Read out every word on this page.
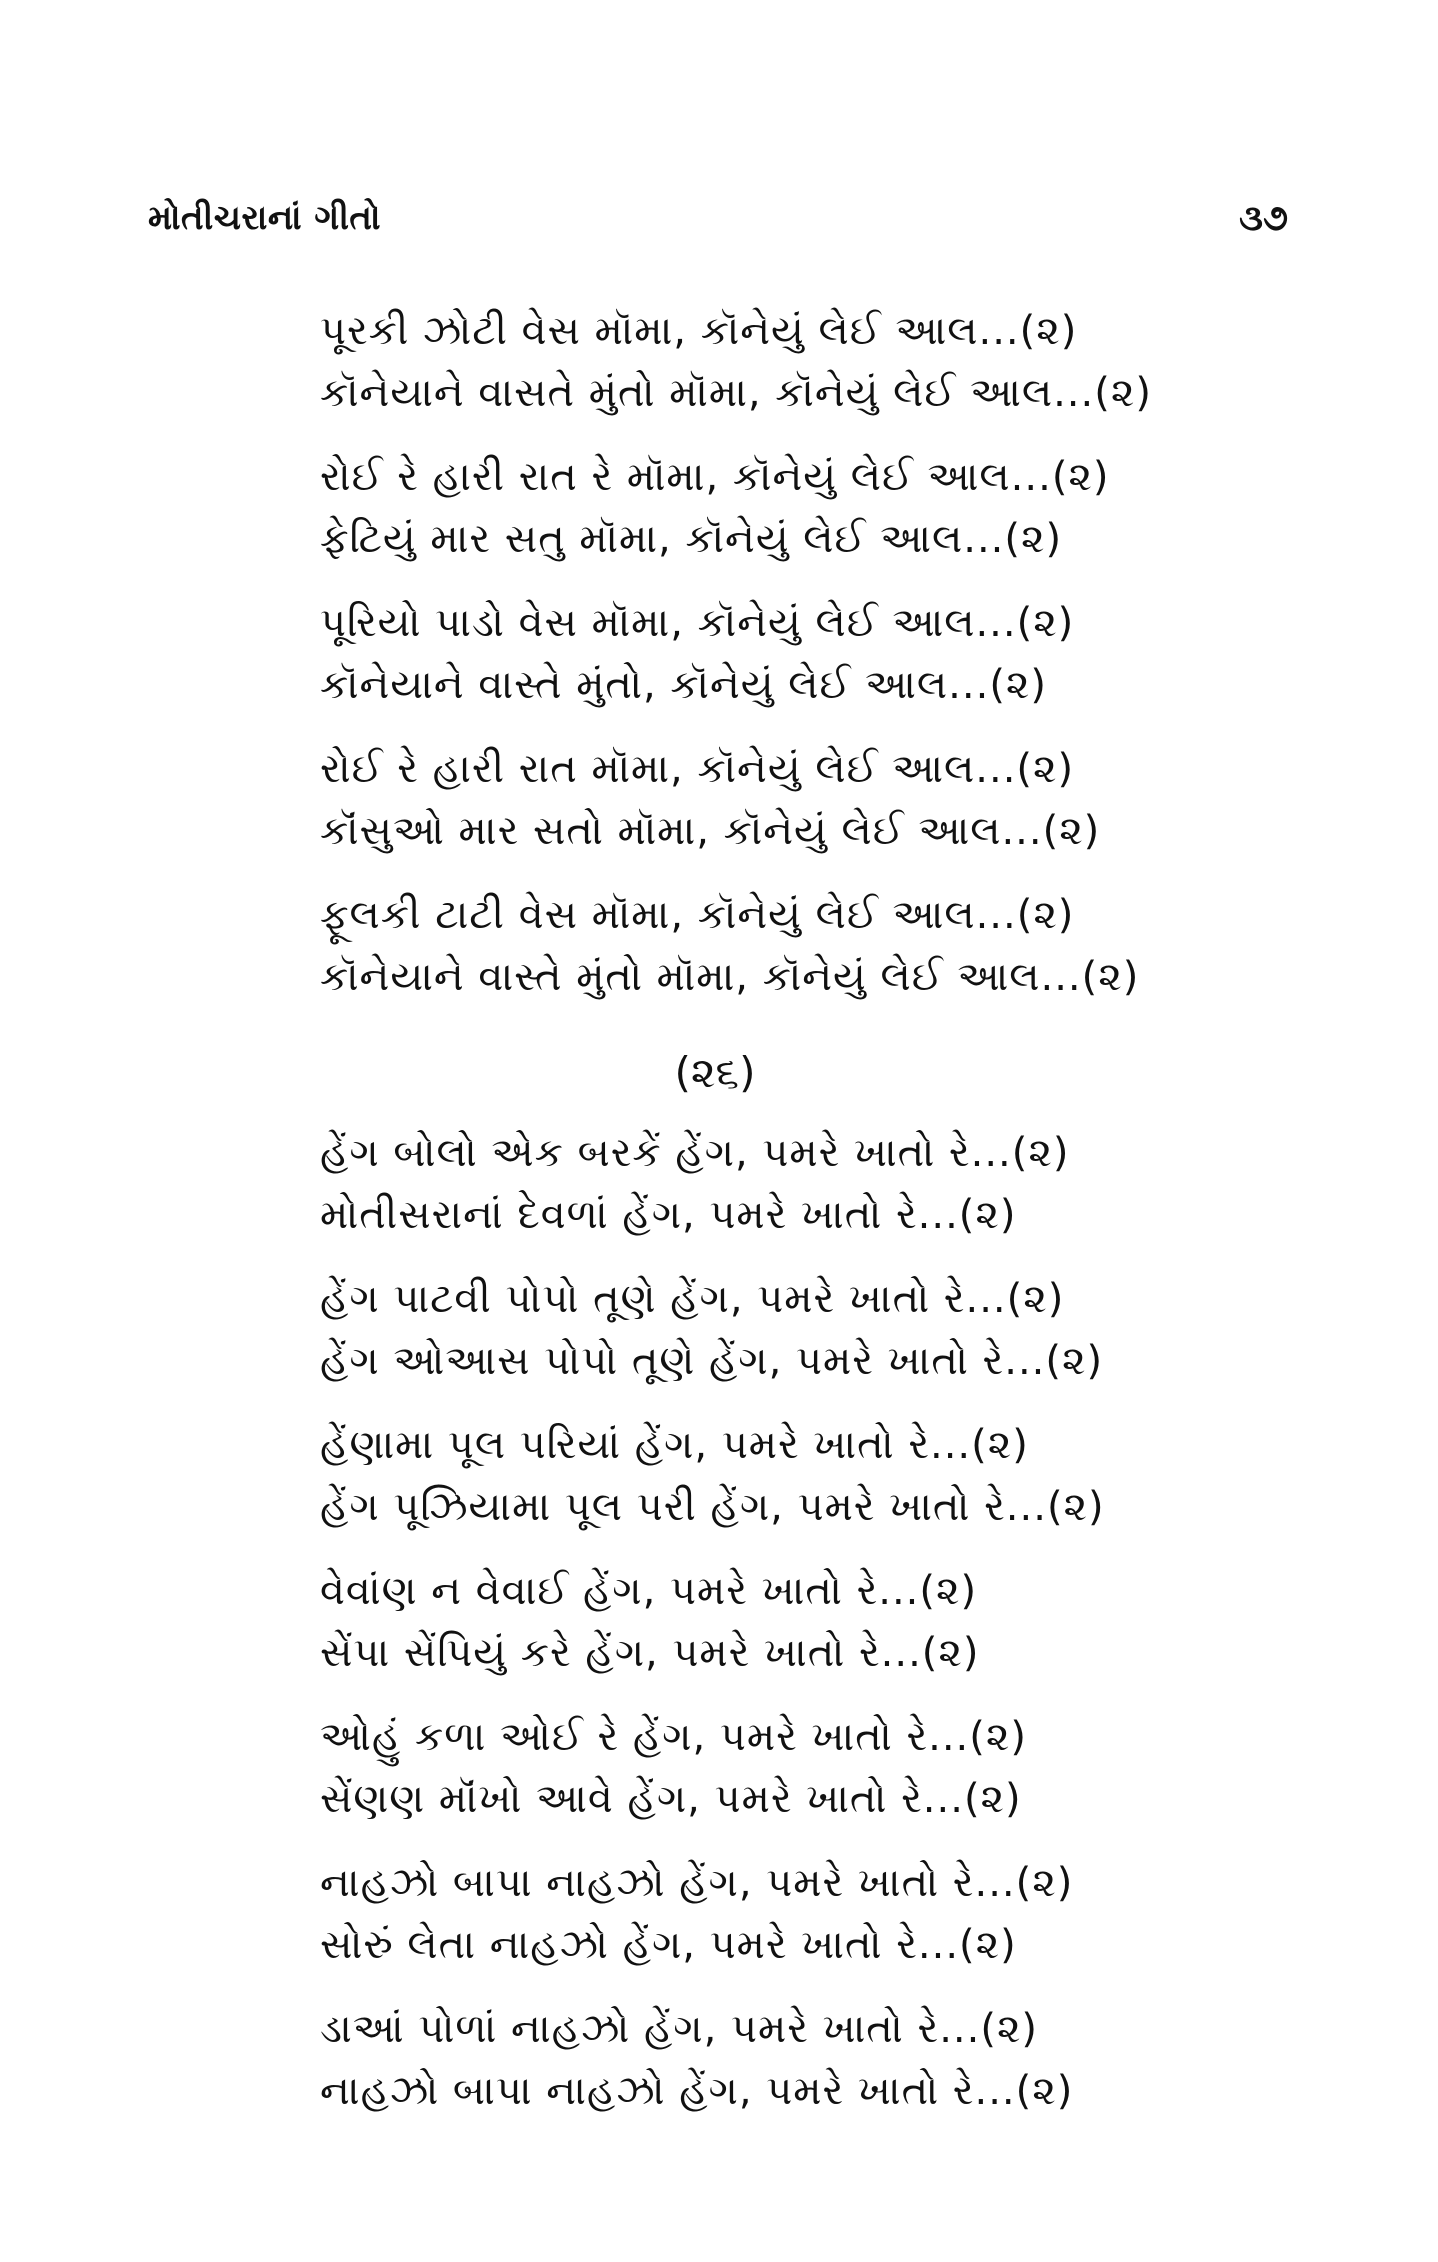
મોતીચરાનાં ગીતો	૩૭
પૂરકી ઝોટી વેસ મૉમા, કૉનેયું લેઈ આલ...(૨)
કૉનેયાને વાસતે મુંતો મૉમા, કૉનેયું લેઈ આલ...(૨)
રોઈ રે હારી રાત રે મૉમા, કૉનેયું લેઈ આલ...(૨)
ફેટિયું માર સતુ મૉમા, કૉનેયું લેઈ આલ...(૨)
પૂરિયો પાડો વેસ મૉમા, કૉનેયું લેઈ આલ...(૨)
કૉનેયાને વાસ્તે મુંતો, કૉનેયું લેઈ આલ...(૨)
રોઈ રે હારી રાત મૉમા, કૉનેયું લેઈ આલ...(૨)
કૉંસુઓ માર સતો મૉમા, કૉનેયું લેઈ આલ...(૨)
ફૂલકી ટાટી વેસ મૉમા, કૉનેયું લેઈ આલ...(૨)
કૉનેયાને વાસ્તે મુંતો મૉમા, કૉનેયું લેઈ આલ...(૨)
(૨૬)
હેંગ બોલો એક બરકેં હેંગ, પમરે ખાતો રે...(૨)
મોતીસરાનાં દેવળાં હેંગ, પમરે ખાતો રે...(૨)
હેંગ પાટવી પોપો તૂણે હેંગ, પમરે ખાતો રે...(૨)
હેંગ ઓઆસ પોપો તૂણે હેંગ, પમરે ખાતો રે...(૨)
હેંણામા પૂલ પરિયાં હેંગ, પમરે ખાતો રે...(૨)
હેંગ પૂઝિયામા પૂલ પરી હેંગ, પમરે ખાતો રે...(૨)
વેવાંણ ન વેવાઈ હેંગ, પમરે ખાતો રે...(૨)
સેંપા સેંપિયું કરે હેંગ, પમરે ખાતો રે...(૨)
ઓહું કળા ઓઈ રે હેંગ, પમરે ખાતો રે...(૨)
સેંણણ મૉંખો આવે હેંગ, પમરે ખાતો રે...(૨)
નાહઝો બાપા નાહઝો હેંગ, પમરે ખાતો રે...(૨)
સોરું લેતા નાહઝો હેંગ, પમરે ખાતો રે...(૨)
ડાઆં પોળાં નાહઝો હેંગ, પમરે ખાતો રે...(૨)
નાહઝો બાપા નાહઝો હેંગ, પમરે ખાતો રે...(૨)
